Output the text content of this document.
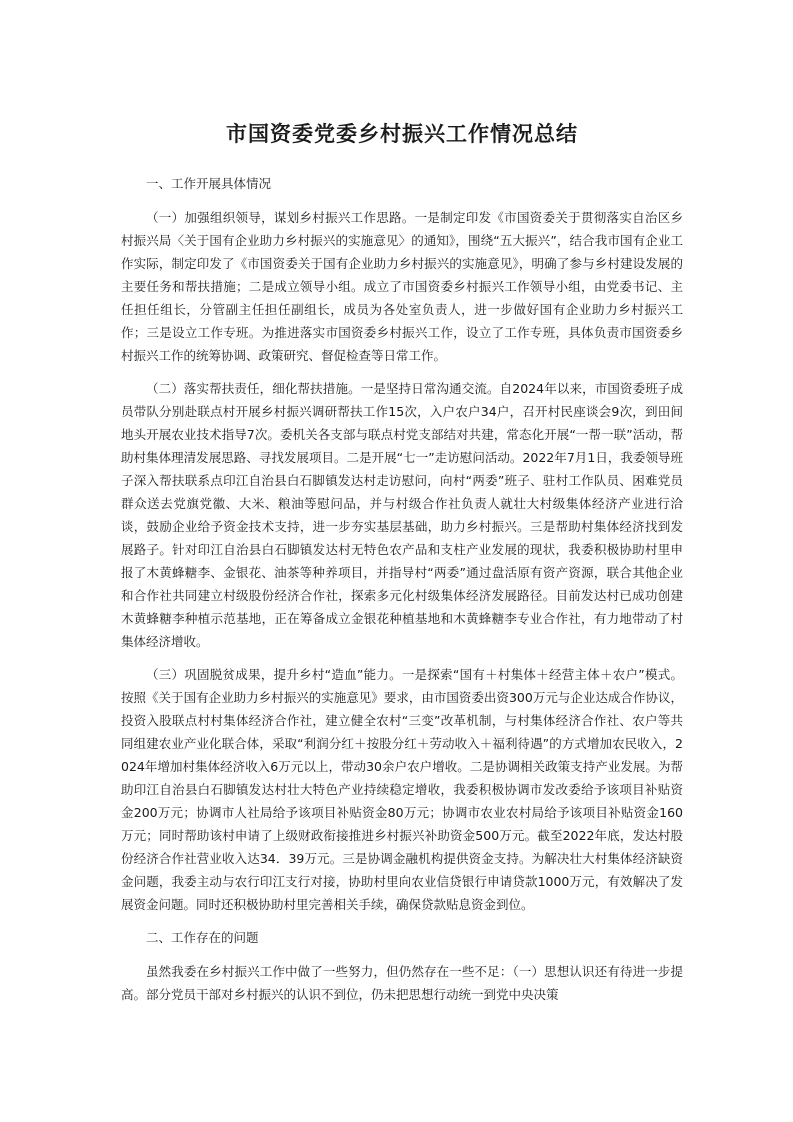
市国资委党委乡村振兴工作情况总结
一、工作开展具体情况

（一）加强组织领导，谋划乡村振兴工作思路。一是制定印发《市国资委关于贯彻落实自治区乡村振兴局〈关于国有企业助力乡村振兴的实施意见〉的通知》，围绕“五大振兴”，结合我市国有企业工作实际，制定印发了《市国资委关于国有企业助力乡村振兴的实施意见》，明确了参与乡村建设发展的主要任务和帮扶措施；二是成立领导小组。成立了市国资委乡村振兴工作领导小组，由党委书记、主任担任组长，分管副主任担任副组长，成员为各处室负责人，进一步做好国有企业助力乡村振兴工作；三是设立工作专班。为推进落实市国资委乡村振兴工作，设立了工作专班，具体负责市国资委乡村振兴工作的统筹协调、政策研究、督促检查等日常工作。

（二）落实帮扶责任，细化帮扶措施。一是坚持日常沟通交流。自2024年以来，市国资委班子成员带队分别赴联点村开展乡村振兴调研帮扶工作15次，入户农户34户，召开村民座谈会9次，到田间地头开展农业技术指导7次。委机关各支部与联点村党支部结对共建，常态化开展“一帮一联”活动，帮助村集体理清发展思路、寻找发展项目。二是开展“七一”走访慰问活动。2022年7月1日，我委领导班子深入帮扶联系点印江自治县白石脚镇发达村走访慰问，向村“两委”班子、驻村工作队员、困难党员群众送去党旗党徽、大米、粮油等慰问品，并与村级合作社负责人就壮大村级集体经济产业进行洽谈，鼓励企业给予资金技术支持，进一步夯实基层基础，助力乡村振兴。三是帮助村集体经济找到发展路子。针对印江自治县白石脚镇发达村无特色农产品和支柱产业发展的现状，我委积极协助村里申报了木黄蜂糖李、金银花、油茶等种养项目，并指导村“两委”通过盘活原有资产资源，联合其他企业和合作社共同建立村级股份经济合作社，探索多元化村级集体经济发展路径。目前发达村已成功创建木黄蜂糖李种植示范基地，正在筹备成立金银花种植基地和木黄蜂糖李专业合作社，有力地带动了村集体经济增收。

（三）巩固脱贫成果，提升乡村“造血”能力。一是探索“国有＋村集体＋经营主体＋农户”模式。按照《关于国有企业助力乡村振兴的实施意见》要求，由市国资委出资300万元与企业达成合作协议，投资入股联点村村集体经济合作社，建立健全农村“三变”改革机制，与村集体经济合作社、农户等共同组建农业产业化联合体，采取“利润分红＋按股分红＋劳动收入＋福利待遇”的方式增加农民收入，2024年增加村集体经济收入6万元以上，带动30余户农户增收。二是协调相关政策支持产业发展。为帮助印江自治县白石脚镇发达村壮大特色产业持续稳定增收，我委积极协调市发改委给予该项目补贴资金200万元；协调市人社局给予该项目补贴资金80万元；协调市农业农村局给予该项目补贴资金160万元；同时帮助该村申请了上级财政衔接推进乡村振兴补助资金500万元。截至2022年底，发达村股份经济合作社营业收入达34．39万元。三是协调金融机构提供资金支持。为解决壮大村集体经济缺资金问题，我委主动与农行印江支行对接，协助村里向农业信贷银行申请贷款1000万元，有效解决了发展资金问题。同时还积极协助村里完善相关手续，确保贷款贴息资金到位。

二、工作存在的问题

虽然我委在乡村振兴工作中做了一些努力，但仍然存在一些不足：（一）思想认识还有待进一步提高。部分党员干部对乡村振兴的认识不到位，仍未把思想行动统一到党中央决策
